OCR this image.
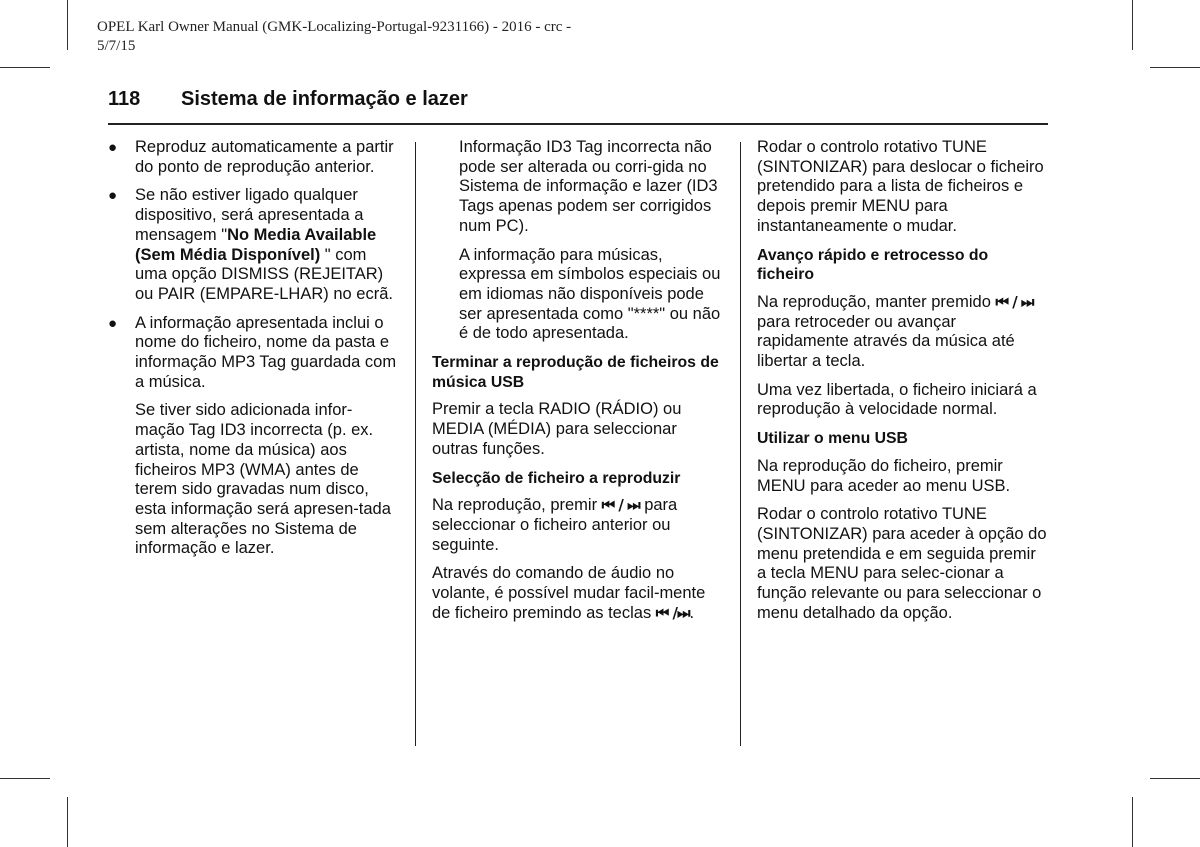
OPEL Karl Owner Manual (GMK-Localizing-Portugal-9231166) - 2016 - crc -
5/7/15
118 Sistema de informação e lazer
● Reproduz automaticamente a partir do ponto de reprodução anterior.
● Se não estiver ligado qualquer dispositivo, será apresentada a mensagem "No Media Available (Sem Média Disponível) " com uma opção DISMISS (REJEITAR) ou PAIR (EMPARE-LHAR) no ecrã.
● A informação apresentada inclui o nome do ficheiro, nome da pasta e informação MP3 Tag guardada com a música.

Se tiver sido adicionada infor-mação Tag ID3 incorrecta (p. ex. artista, nome da música) aos ficheiros MP3 (WMA) antes de terem sido gravadas num disco, esta informação será apresen-tada sem alterações no Sistema de informação e lazer.

Informação ID3 Tag incorrecta não pode ser alterada ou corri-gida no Sistema de informação e lazer (ID3 Tags apenas podem ser corrigidos num PC).

A informação para músicas, expressa em símbolos especiais ou em idiomas não disponíveis pode ser apresentada como "****" ou não é de todo apresentada.

Terminar a reprodução de ficheiros de música USB

Premir a tecla RADIO (RÁDIO) ou MEDIA (MÉDIA) para seleccionar outras funções.

Selecção de ficheiro a reproduzir

Na reprodução, premir ⏮ / ⏭ para seleccionar o ficheiro anterior ou seguinte.

Através do comando de áudio no volante, é possível mudar facil-mente de ficheiro premindo as teclas ⏮ /⏭.

Rodar o controlo rotativo TUNE (SINTONIZAR) para deslocar o ficheiro pretendido para a lista de ficheiros e depois premir MENU para instantaneamente o mudar.

Avanço rápido e retrocesso do ficheiro

Na reprodução, manter premido ⏮ / ⏭ para retroceder ou avançar rapidamente através da música até libertar a tecla.

Uma vez libertada, o ficheiro iniciará a reprodução à velocidade normal.

Utilizar o menu USB

Na reprodução do ficheiro, premir MENU para aceder ao menu USB.

Rodar o controlo rotativo TUNE (SINTONIZAR) para aceder à opção do menu pretendida e em seguida premir a tecla MENU para selec-cionar a função relevante ou para seleccionar o menu detalhado da opção.
